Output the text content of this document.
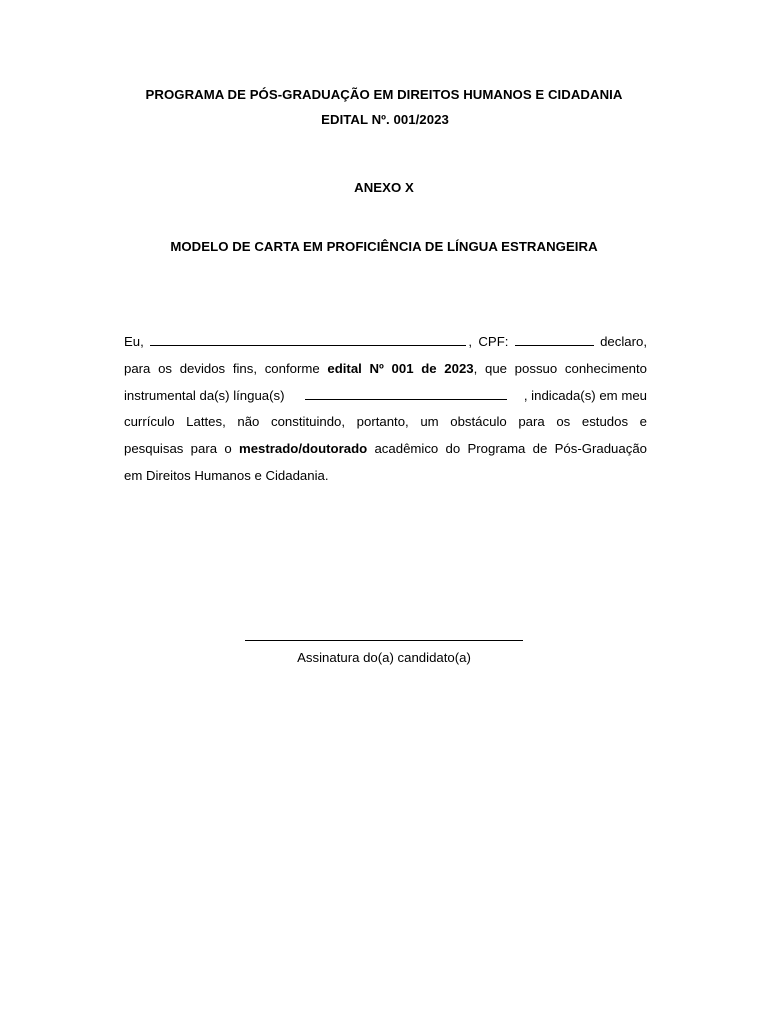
PROGRAMA DE PÓS-GRADUAÇÃO EM DIREITOS HUMANOS E CIDADANIA
EDITAL Nº. 001/2023
ANEXO X
MODELO DE CARTA EM PROFICIÊNCIA DE LÍNGUA ESTRANGEIRA
Eu,	, CPF:	declaro,
para os devidos fins, conforme edital Nº 001 de 2023, que possuo conhecimento
instrumental da(s) língua(s)	, indicada(s) em meu
currículo Lattes, não constituindo, portanto, um obstáculo para os estudos e
pesquisas para o mestrado/doutorado acadêmico do Programa de Pós-Graduação
em Direitos Humanos e Cidadania.
Assinatura do(a) candidato(a)
